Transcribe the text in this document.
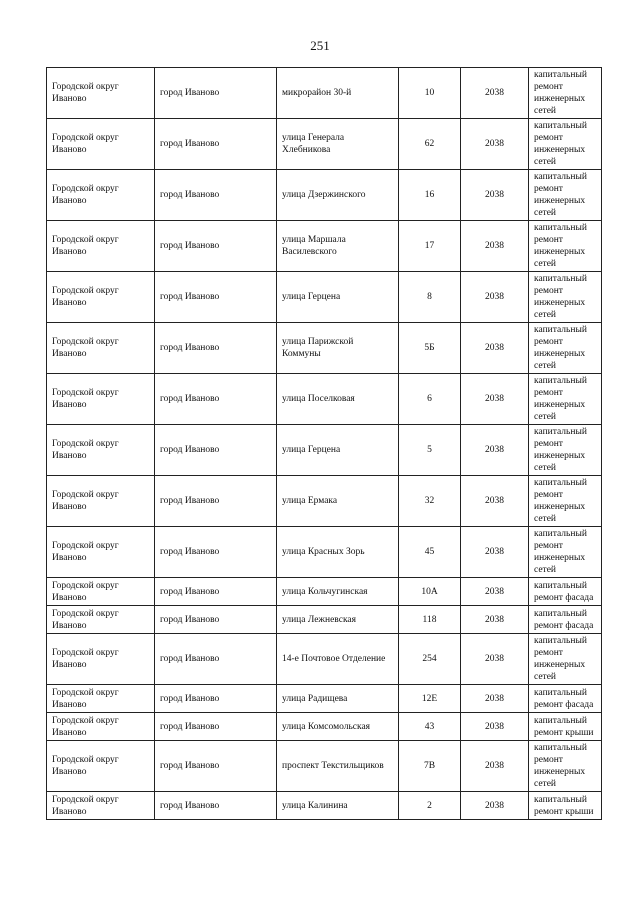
251
Городской округ Иваново	город Иваново	микрорайон 30-й	10	2038	капитальный ремонт инженерных сетей
Городской округ Иваново	город Иваново	улица Генерала Хлебникова	62	2038	капитальный ремонт инженерных сетей
Городской округ Иваново	город Иваново	улица Дзержинского	16	2038	капитальный ремонт инженерных сетей
Городской округ Иваново	город Иваново	улица Маршала Василевского	17	2038	капитальный ремонт инженерных сетей
Городской округ Иваново	город Иваново	улица Герцена	8	2038	капитальный ремонт инженерных сетей
Городской округ Иваново	город Иваново	улица Парижской Коммуны	5Б	2038	капитальный ремонт инженерных сетей
Городской округ Иваново	город Иваново	улица Поселковая	6	2038	капитальный ремонт инженерных сетей
Городской округ Иваново	город Иваново	улица Герцена	5	2038	капитальный ремонт инженерных сетей
Городской округ Иваново	город Иваново	улица Ермака	32	2038	капитальный ремонт инженерных сетей
Городской округ Иваново	город Иваново	улица Красных Зорь	45	2038	капитальный ремонт инженерных сетей
Городской округ Иваново	город Иваново	улица Кольчугинская	10А	2038	капитальный ремонт фасада
Городской округ Иваново	город Иваново	улица Лежневская	118	2038	капитальный ремонт фасада
Городской округ Иваново	город Иваново	14-е Почтовое Отделение	254	2038	капитальный ремонт инженерных сетей
Городской округ Иваново	город Иваново	улица Радищева	12Е	2038	капитальный ремонт фасада
Городской округ Иваново	город Иваново	улица Комсомольская	43	2038	капитальный ремонт крыши
Городской округ Иваново	город Иваново	проспект Текстильщиков	7В	2038	капитальный ремонт инженерных сетей
Городской округ Иваново	город Иваново	улица Калинина	2	2038	капитальный ремонт крыши
